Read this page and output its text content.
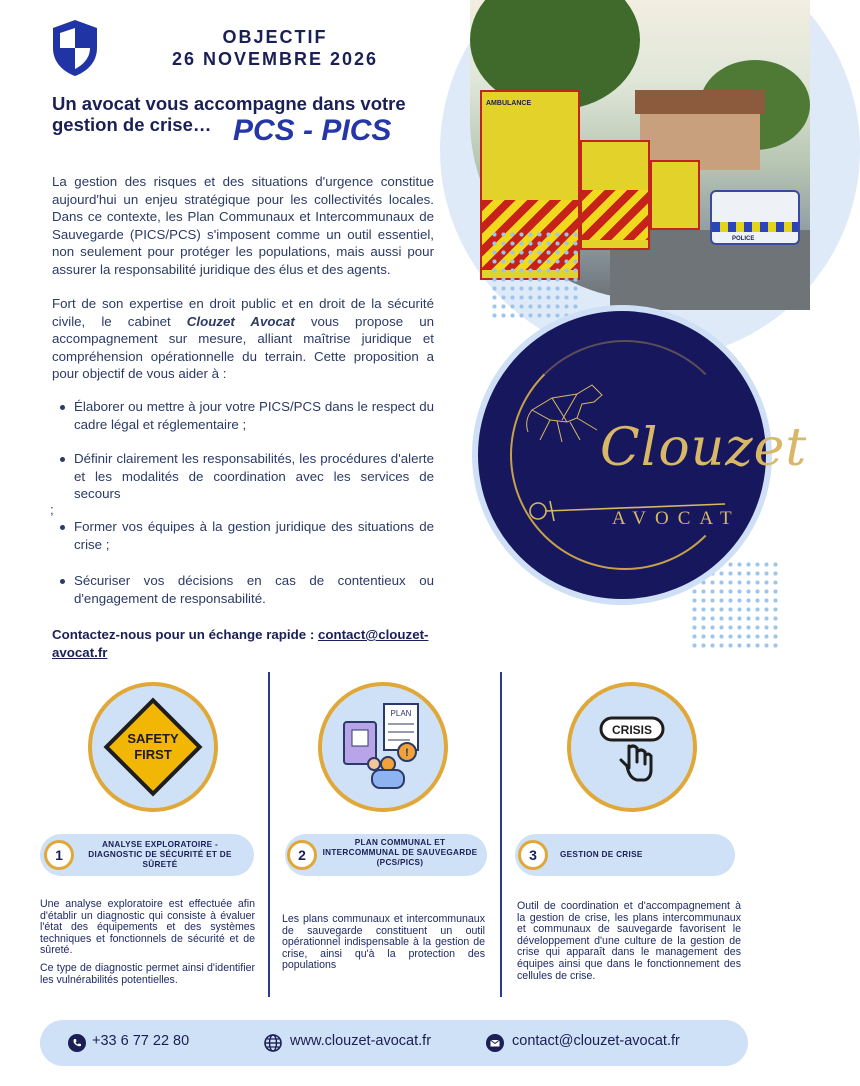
AMBULANCE
POLICE
Clouzet
AVOCAT
OBJECTIF
26 NOVEMBRE 2026
Un avocat vous accompagne dans votre gestion de crise… PCS - PICS

La gestion des risques et des situations d'urgence constitue aujourd'hui un enjeu stratégique pour les collectivités locales. Dans ce contexte, les Plan Communaux et Intercommunaux de Sauvegarde (PICS/PCS) s'imposent comme un outil essentiel, non seulement pour protéger les populations, mais aussi pour assurer la responsabilité juridique des élus et des agents.

Fort de son expertise en droit public et en droit de la sécurité civile, le cabinet Clouzet Avocat vous propose un accompagnement sur mesure, alliant maîtrise juridique et compréhension opérationnelle du terrain. Cette proposition a pour objectif de vous aider à :

Élaborer ou mettre à jour votre PICS/PCS dans le respect du cadre légal et réglementaire ;
Définir clairement les responsabilités, les procédures d'alerte et les modalités de coordination avec les services de secours
;
Former vos équipes à la gestion juridique des situations de crise ;
Sécuriser vos décisions en cas de contentieux ou d'engagement de responsabilité.
Contactez-nous pour un échange rapide : contact@clouzet-
avocat.fr
SAFETY
FIRST
PLAN
!
CRISIS
1	2	3
ANALYSE EXPLORATOIRE - DIAGNOSTIC DE SÉCURITÉ ET DE SÛRETÉ
PLAN COMMUNAL ET INTERCOMMUNAL DE SAUVEGARDE (PCS/PICS)
GESTION DE CRISE

Une analyse exploratoire est effectuée afin d'établir un diagnostic qui consiste à évaluer l'état des équipements et des systèmes techniques et fonctionnels de sécurité et de sûreté.

Ce type de diagnostic permet ainsi d'identifier les vulnérabilités potentielles.

Les plans communaux et intercommunaux de sauvegarde constituent un outil opérationnel indispensable à la gestion de crise, ainsi qu'à la protection des populations

Outil de coordination et d'accompagnement à la gestion de crise, les plans intercommunaux et communaux de sauvegarde favorisent le développement d'une culture de la gestion de crise qui apparaît dans le management des équipes ainsi que dans le fonctionnement des cellules de crise.

+33 6 77 22 80	www.clouzet-avocat.fr	contact@clouzet-avocat.fr
